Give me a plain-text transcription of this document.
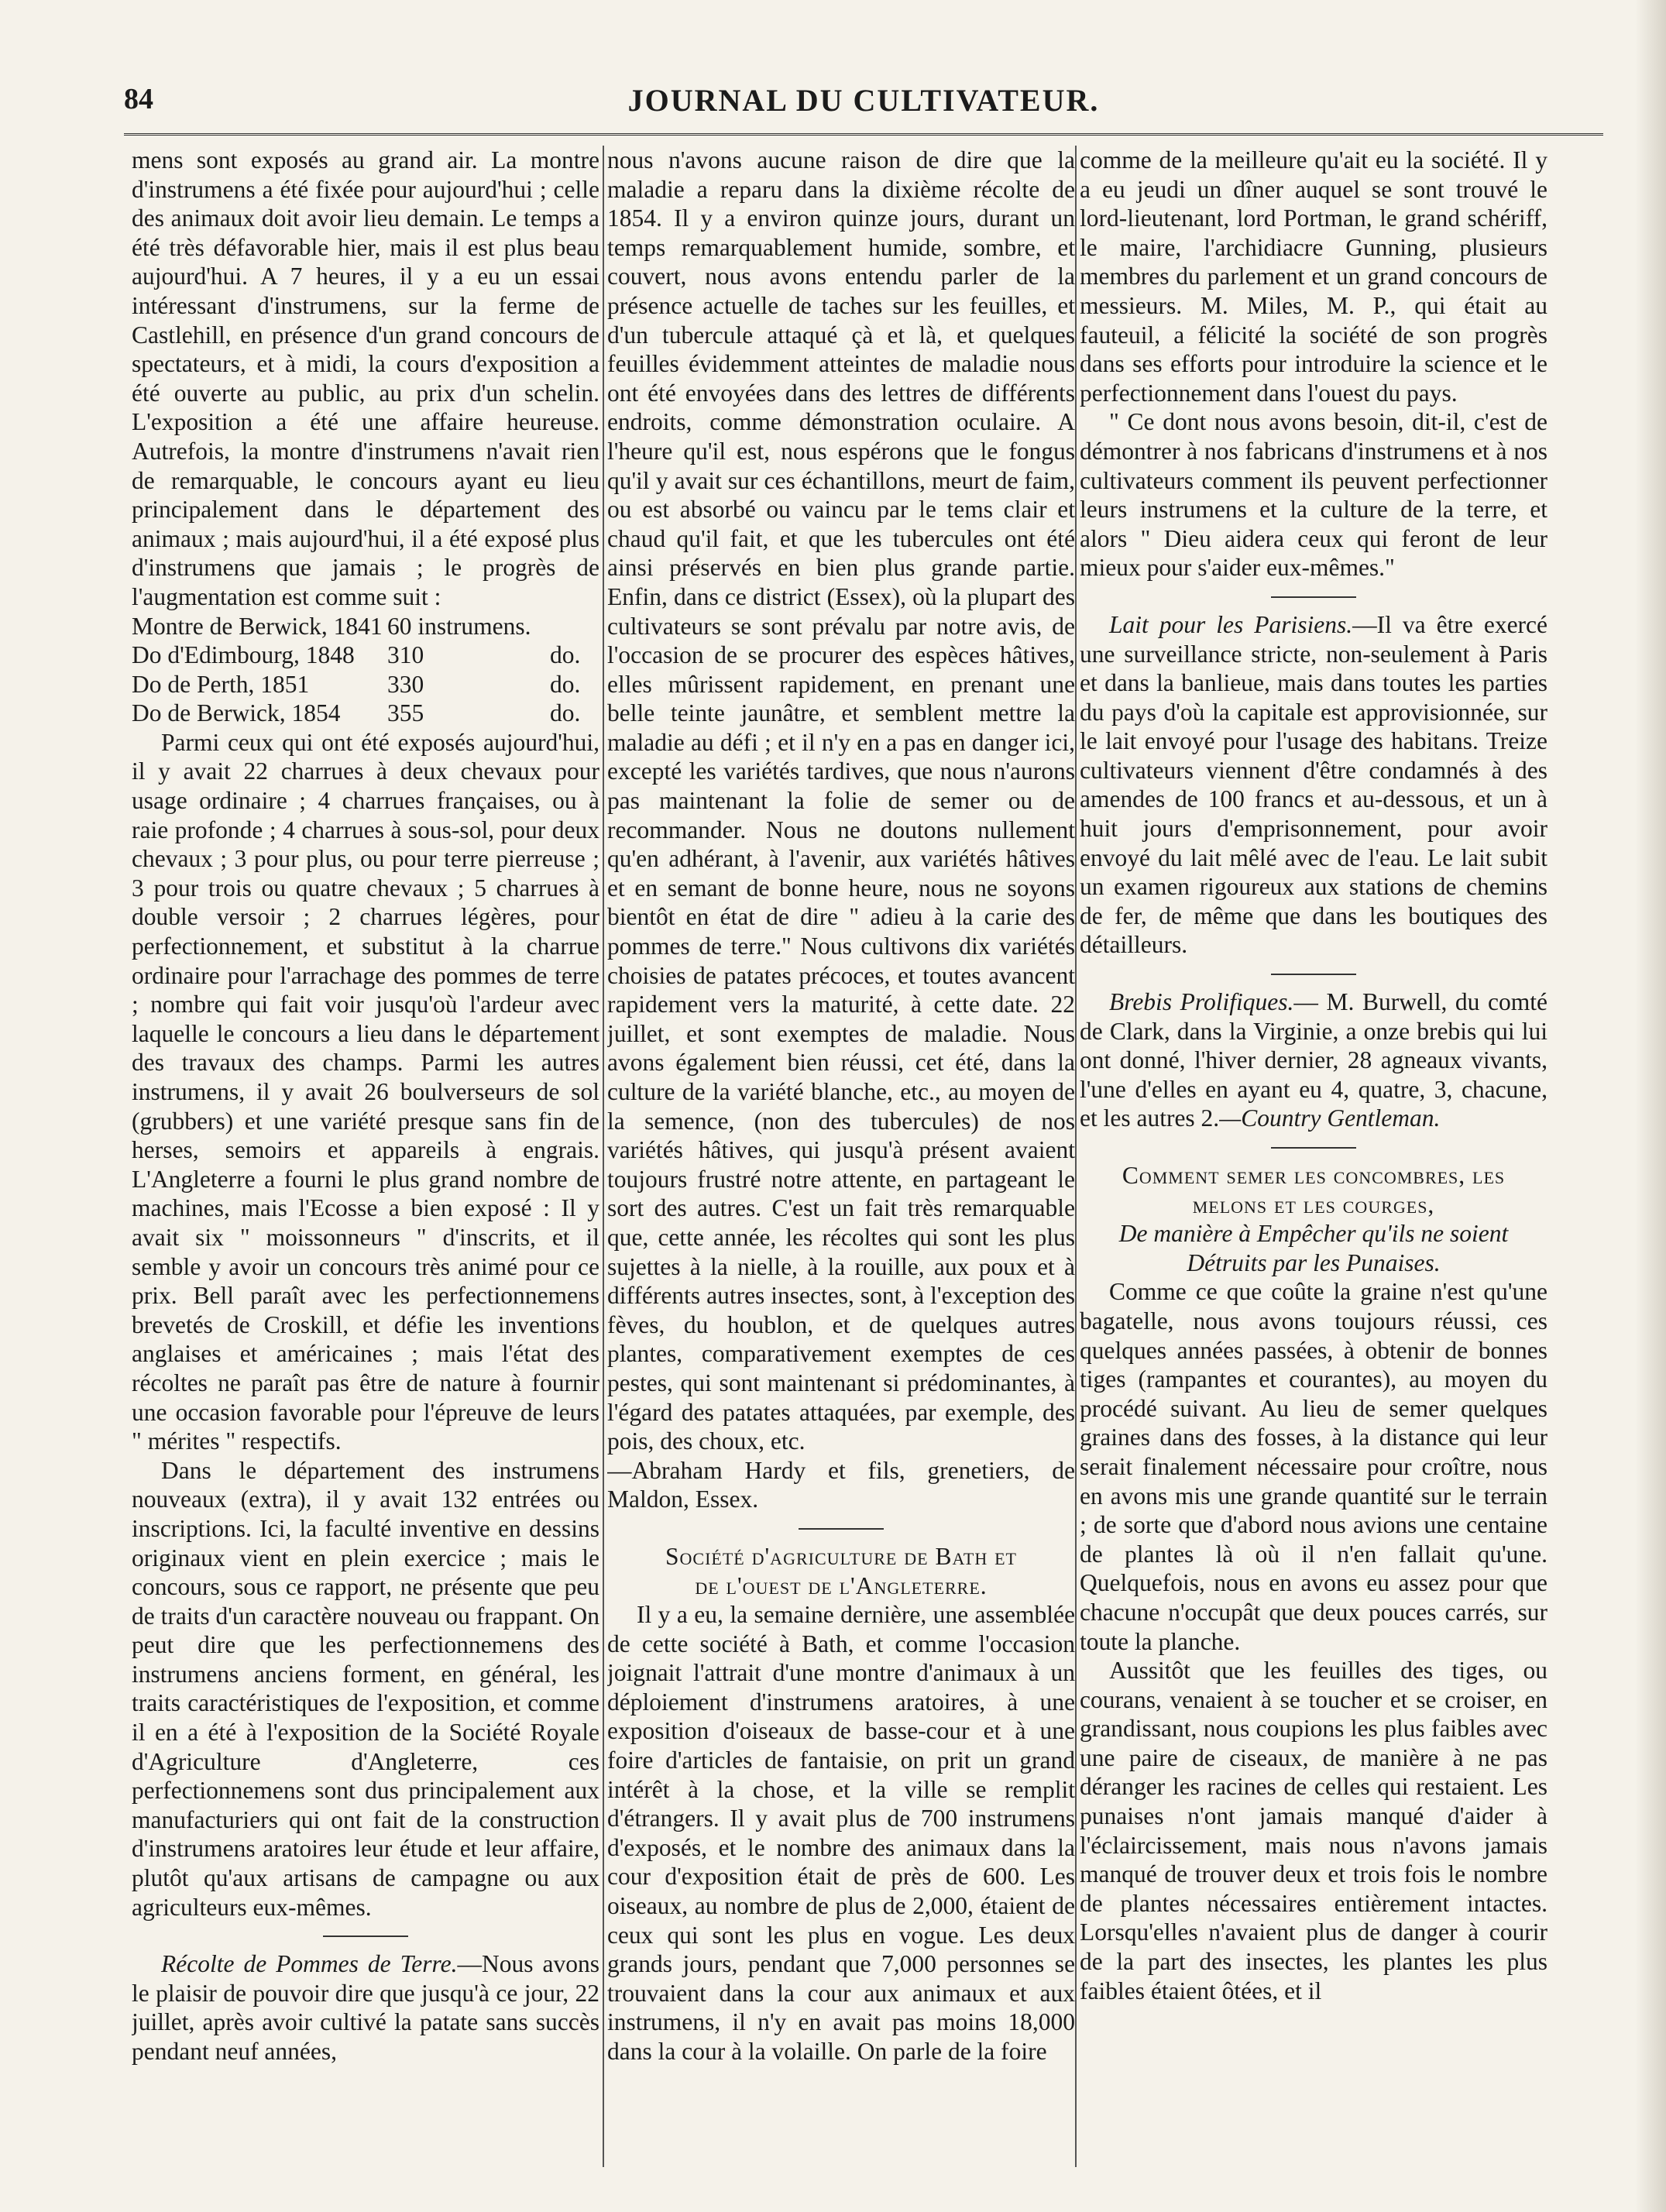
84	JOURNAL DU CULTIVATEUR.

mens sont exposés au grand air. La montre d'instrumens a été fixée pour aujourd'hui ; celle des animaux doit avoir lieu demain. Le temps a été très défavorable hier, mais il est plus beau aujourd'hui. A 7 heures, il y a eu un essai intéressant d'instrumens, sur la ferme de Castlehill, en présence d'un grand concours de spectateurs, et à midi, la cours d'exposition a été ouverte au public, au prix d'un schelin. L'exposition a été une affaire heureuse. Autrefois, la montre d'instrumens n'avait rien de remarquable, le concours ayant eu lieu principalement dans le département des animaux ; mais aujourd'hui, il a été exposé plus d'instrumens que jamais ; le progrès de l'augmentation est comme suit :

Montre de Berwick, 1841 60 instrumens.
Do d'Edimbourg, 1848	310	do.
Do de Perth, 1851	330	do.
Do de Berwick, 1854	355	do.

Parmi ceux qui ont été exposés aujourd'hui, il y avait 22 charrues à deux chevaux pour usage ordinaire ; 4 charrues françaises, ou à raie profonde ; 4 charrues à sous-sol, pour deux chevaux ; 3 pour plus, ou pour terre pierreuse ; 3 pour trois ou quatre chevaux ; 5 charrues à double versoir ; 2 charrues légères, pour perfectionnement, et substitut à la charrue ordinaire pour l'arrachage des pommes de terre ; nombre qui fait voir jusqu'où l'ardeur avec laquelle le concours a lieu dans le département des travaux des champs. Parmi les autres instrumens, il y avait 26 boulverseurs de sol (grubbers) et une variété presque sans fin de herses, semoirs et appareils à engrais. L'Angleterre a fourni le plus grand nombre de machines, mais l'Ecosse a bien exposé : Il y avait six " moissonneurs " d'inscrits, et il semble y avoir un concours très animé pour ce prix. Bell paraît avec les perfectionnemens brevetés de Croskill, et défie les inventions anglaises et américaines ; mais l'état des récoltes ne paraît pas être de nature à fournir une occasion favorable pour l'épreuve de leurs " mérites " respectifs.

Dans le département des instrumens nouveaux (extra), il y avait 132 entrées ou inscriptions. Ici, la faculté inventive en dessins originaux vient en plein exercice ; mais le concours, sous ce rapport, ne présente que peu de traits d'un caractère nouveau ou frappant. On peut dire que les perfectionnemens des instrumens anciens forment, en général, les traits caractéristiques de l'exposition, et comme il en a été à l'exposition de la Société Royale d'Agriculture d'Angleterre, ces perfectionnemens sont dus principalement aux manufacturiers qui ont fait de la construction d'instrumens aratoires leur étude et leur affaire, plutôt qu'aux artisans de campagne ou aux agriculteurs eux-mêmes.

Récolte de Pommes de Terre.—Nous avons le plaisir de pouvoir dire que jusqu'à ce jour, 22 juillet, après avoir cultivé la patate sans succès pendant neuf années,

nous n'avons aucune raison de dire que la maladie a reparu dans la dixième récolte de 1854. Il y a environ quinze jours, durant un temps remarquablement humide, sombre, et couvert, nous avons entendu parler de la présence actuelle de taches sur les feuilles, et d'un tubercule attaqué çà et là, et quelques feuilles évidemment atteintes de maladie nous ont été envoyées dans des lettres de différents endroits, comme démonstration oculaire. A l'heure qu'il est, nous espérons que le fongus qu'il y avait sur ces échantillons, meurt de faim, ou est absorbé ou vaincu par le tems clair et chaud qu'il fait, et que les tubercules ont été ainsi préservés en bien plus grande partie. Enfin, dans ce district (Essex), où la plupart des cultivateurs se sont prévalu par notre avis, de l'occasion de se procurer des espèces hâtives, elles mûrissent rapidement, en prenant une belle teinte jaunâtre, et semblent mettre la maladie au défi ; et il n'y en a pas en danger ici, excepté les variétés tardives, que nous n'aurons pas maintenant la folie de semer ou de recommander. Nous ne doutons nullement qu'en adhérant, à l'avenir, aux variétés hâtives et en semant de bonne heure, nous ne soyons bientôt en état de dire " adieu à la carie des pommes de terre." Nous cultivons dix variétés choisies de patates précoces, et toutes avancent rapidement vers la maturité, à cette date. 22 juillet, et sont exemptes de maladie. Nous avons également bien réussi, cet été, dans la culture de la variété blanche, etc., au moyen de la semence, (non des tubercules) de nos variétés hâtives, qui jusqu'à présent avaient toujours frustré notre attente, en partageant le sort des autres. C'est un fait très remarquable que, cette année, les récoltes qui sont les plus sujettes à la nielle, à la rouille, aux poux et à différents autres insectes, sont, à l'exception des fèves, du houblon, et de quelques autres plantes, comparativement exemptes de ces pestes, qui sont maintenant si prédominantes, à l'égard des patates attaquées, par exemple, des pois, des choux, etc.

—Abraham Hardy et fils, grenetiers, de Maldon, Essex.

Société d'agriculture de Bath et

de l'ouest de l'Angleterre.

Il y a eu, la semaine dernière, une assemblée de cette société à Bath, et comme l'occasion joignait l'attrait d'une montre d'animaux à un déploiement d'instrumens aratoires, à une exposition d'oiseaux de basse-cour et à une foire d'articles de fantaisie, on prit un grand intérêt à la chose, et la ville se remplit d'étrangers. Il y avait plus de 700 instrumens d'exposés, et le nombre des animaux dans la cour d'exposition était de près de 600. Les oiseaux, au nombre de plus de 2,000, étaient de ceux qui sont les plus en vogue. Les deux grands jours, pendant que 7,000 personnes se trouvaient dans la cour aux animaux et aux instrumens, il n'y en avait pas moins 18,000 dans la cour à la volaille. On parle de la foire

comme de la meilleure qu'ait eu la société. Il y a eu jeudi un dîner auquel se sont trouvé le lord-lieutenant, lord Portman, le grand schériff, le maire, l'archidiacre Gunning, plusieurs membres du parlement et un grand concours de messieurs. M. Miles, M. P., qui était au fauteuil, a félicité la société de son progrès dans ses efforts pour introduire la science et le perfectionnement dans l'ouest du pays.

" Ce dont nous avons besoin, dit-il, c'est de démontrer à nos fabricans d'instrumens et à nos cultivateurs comment ils peuvent perfectionner leurs instrumens et la culture de la terre, et alors " Dieu aidera ceux qui feront de leur mieux pour s'aider eux-mêmes."

Lait pour les Parisiens.—Il va être exercé une surveillance stricte, non-seulement à Paris et dans la banlieue, mais dans toutes les parties du pays d'où la capitale est approvisionnée, sur le lait envoyé pour l'usage des habitans. Treize cultivateurs viennent d'être condamnés à des amendes de 100 francs et au-dessous, et un à huit jours d'emprisonnement, pour avoir envoyé du lait mêlé avec de l'eau. Le lait subit un examen rigoureux aux stations de chemins de fer, de même que dans les boutiques des détailleurs.

Brebis Prolifiques.— M. Burwell, du comté de Clark, dans la Virginie, a onze brebis qui lui ont donné, l'hiver dernier, 28 agneaux vivants, l'une d'elles en ayant eu 4, quatre, 3, chacune, et les autres 2.—Country Gentleman.

Comment semer les concombres, les

melons et les courges,

De manière à Empêcher qu'ils ne soient

Détruits par les Punaises.

Comme ce que coûte la graine n'est qu'une bagatelle, nous avons toujours réussi, ces quelques années passées, à obtenir de bonnes tiges (rampantes et courantes), au moyen du procédé suivant. Au lieu de semer quelques graines dans des fosses, à la distance qui leur serait finalement nécessaire pour croître, nous en avons mis une grande quantité sur le terrain ; de sorte que d'abord nous avions une centaine de plantes là où il n'en fallait qu'une. Quelquefois, nous en avons eu assez pour que chacune n'occupât que deux pouces carrés, sur toute la planche.

Aussitôt que les feuilles des tiges, ou courans, venaient à se toucher et se croiser, en grandissant, nous coupions les plus faibles avec une paire de ciseaux, de manière à ne pas déranger les racines de celles qui restaient. Les punaises n'ont jamais manqué d'aider à l'éclaircissement, mais nous n'avons jamais manqué de trouver deux et trois fois le nombre de plantes nécessaires entièrement intactes. Lorsqu'elles n'avaient plus de danger à courir de la part des insectes, les plantes les plus faibles étaient ôtées, et il
